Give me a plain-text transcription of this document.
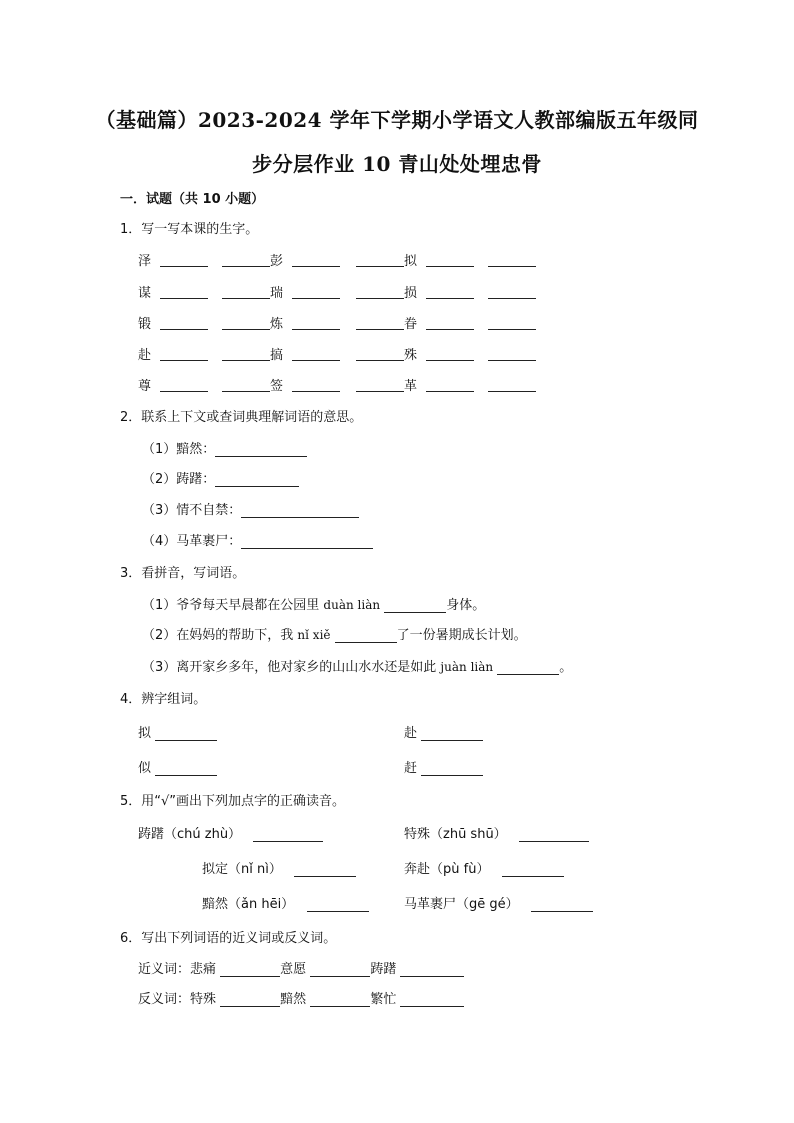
（基础篇）2023-2024 学年下学期小学语文人教部编版五年级同
步分层作业 10 青山处处埋忠骨
一．试题（共 10 小题）
1．写一写本课的生字。
泽	彭	拟
谋	瑞	损
锻	炼	眷
赴	搞	殊
尊	签	革
2．联系上下文或查词典理解词语的意思。
（1）黯然：
（2）踌躇：
（3）情不自禁：
（4）马革裹尸：
3．看拼音，写词语。
（1）爷爷每天早晨都在公园里 duàn liàn	身体。
（2）在妈妈的帮助下，我 nǐ xiě	了一份暑期成长计划。
（3）离开家乡多年，他对家乡的山山水水还是如此 juàn liàn	。
4．辨字组词。
拟	赴
似	赶
5．用“√”画出下列加点字的正确读音。
踌躇（chú zhù）	特殊（zhū shū）
拟定（nǐ nì）	奔赴（pù fù）
黯然（ǎn hēi）	马革裹尸（gē gé）
6．写出下列词语的近义词或反义词。
近义词：悲痛	意愿	踌躇
反义词：特殊	黯然	繁忙
